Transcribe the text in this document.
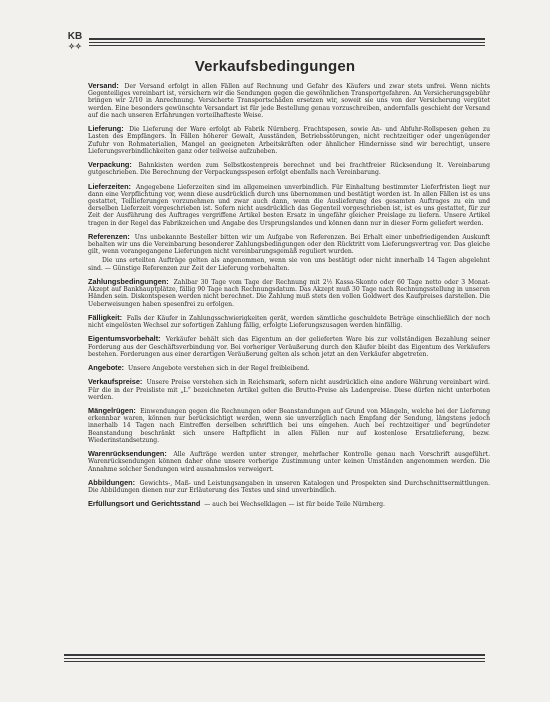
KB
✧✧
Verkaufsbedingungen

Versand: Der Versand erfolgt in allen Fällen auf Rechnung und Gefahr des Käufers und zwar stets unfrei. Wenn nichts Gegenteiliges vereinbart ist, versichern wir die Sendungen gegen die gewöhnlichen Transportgefahren. An Versicherungsgebühr bringen wir 2/10 in Anrechnung. Versicherte Transportschäden ersetzen wir, soweit sie uns von der Versicherung vergütet werden. Eine besonders gewünschte Versandart ist für jede Bestellung genau vorzuschreiben, andernfalls geschieht der Versand auf die nach unseren Erfahrungen vorteilhafteste Weise.

Lieferung: Die Lieferung der Ware erfolgt ab Fabrik Nürnberg. Frachtspesen, sowie An- und Abfuhr-Rollspesen gehen zu Lasten des Empfängers. In Fällen höherer Gewalt, Ausständen, Betriebsstörungen, nicht rechtzeitiger oder ungenügender Zufuhr von Rohmaterialien, Mangel an geeigneten Arbeitskräften oder ähnlicher Hindernisse sind wir berechtigt, unsere Lieferungsverbindlichkeiten ganz oder teilweise aufzuheben.

Verpackung: Bahnkisten werden zum Selbstkostenpreis berechnet und bei frachtfreier Rücksendung lt. Vereinbarung gutgeschrieben. Die Berechnung der Verpackungsspesen erfolgt ebenfalls nach Vereinbarung.

Lieferzeiten: Angegebene Lieferzeiten sind im allgemeinen unverbindlich. Für Einhaltung bestimmter Lieferfristen liegt nur dann eine Verpflichtung vor, wenn diese ausdrücklich durch uns übernommen und bestätigt worden ist. In allen Fällen ist es uns gestattet, Teillieferungen vorzunehmen und zwar auch dann, wenn die Auslieferung des gesamten Auftrages zu ein und derselben Lieferzeit vorgeschrieben ist. Sofern nicht ausdrücklich das Gegenteil vorgeschrieben ist, ist es uns gestattet, für zur Zeit der Ausführung des Auftrages vergriffene Artikel besten Ersatz in ungefähr gleicher Preislage zu liefern. Unsere Artikel tragen in der Regel das Fabrikzeichen und Angabe des Ursprungslandes und können dann nur in dieser Form geliefert werden.

Referenzen: Uns unbekannte Besteller bitten wir um Aufgabe von Referenzen. Bei Erhalt einer unbefriedigenden Auskunft behalten wir uns die Vereinbarung besonderer Zahlungsbedingungen oder den Rücktritt vom Lieferungsvertrag vor. Das gleiche gilt, wenn vorangegangene Lieferungen nicht vereinbarungsgemäß reguliert wurden.
Die uns erteilten Aufträge gelten als angenommen, wenn sie von uns bestätigt oder nicht innerhalb 14 Tagen abgelehnt sind. — Günstige Referenzen zur Zeit der Lieferung vorbehalten.

Zahlungsbedingungen: Zahlbar 30 Tage vom Tage der Rechnung mit 2½ Kassa-Skonto oder 60 Tage netto oder 3 Monat-Akzept auf Bankhauptplätze, fällig 90 Tage nach Rechnungsdatum. Das Akzept muß 30 Tage nach Rechnungsstellung in unseren Händen sein. Diskontspesen werden nicht berechnet. Die Zahlung muß stets den vollen Goldwert des Kaufpreises darstellen. Die Ueberweisungen haben spesenfrei zu erfolgen.

Fälligkeit: Falls der Käufer in Zahlungsschwierigkeiten gerät, werden sämtliche geschuldete Beträge einschließlich der noch nicht eingelösten Wechsel zur sofortigen Zahlung fällig, erfolgte Lieferungszusagen werden hinfällig.

Eigentumsvorbehalt: Verkäufer behält sich das Eigentum an der gelieferten Ware bis zur vollständigen Bezahlung seiner Forderung aus der Geschäftsverbindung vor. Bei vorheriger Veräußerung durch den Käufer bleibt das Eigentum des Verkäufers bestehen. Forderungen aus einer derartigen Veräußerung gelten als schon jetzt an den Verkäufer abgetreten.

Angebote: Unsere Angebote verstehen sich in der Regel freibleibend.

Verkaufspreise: Unsere Preise verstehen sich in Reichsmark, sofern nicht ausdrücklich eine andere Währung vereinbart wird. Für die in der Preisliste mit „L“ bezeichneten Artikel gelten die Brutto-Preise als Ladenpreise. Diese dürfen nicht unterboten werden.

Mängelrügen: Einwendungen gegen die Rechnungen oder Beanstandungen auf Grund von Mängeln, welche bei der Lieferung erkennbar waren, können nur berücksichtigt werden, wenn sie unverzüglich nach Empfang der Sendung, längstens jedoch innerhalb 14 Tagen nach Eintreffen derselben schriftlich bei uns eingehen. Auch bei rechtzeitiger und begründeter Beanstandung beschränkt sich unsere Haftpflicht in allen Fällen nur auf kostenlose Ersatzlieferung, bezw. Wiederinstandsetzung.

Warenrücksendungen: Alle Aufträge werden unter strenger, mehrfacher Kontrolle genau nach Vorschrift ausgeführt. Warenrücksendungen können daher ohne unsere vorherige Zustimmung unter keinen Umständen angenommen werden. Die Annahme solcher Sendungen wird ausnahmslos verweigert.

Abbildungen: Gewichts-, Maß- und Leistungsangaben in unseren Katalogen und Prospekten sind Durchschnittsermittlungen. Die Abbildungen dienen nur zur Erläuterung des Textes und sind unverbindlich.

Erfüllungsort und Gerichtsstand — auch bei Wechselklagen — ist für beide Teile Nürnberg.
